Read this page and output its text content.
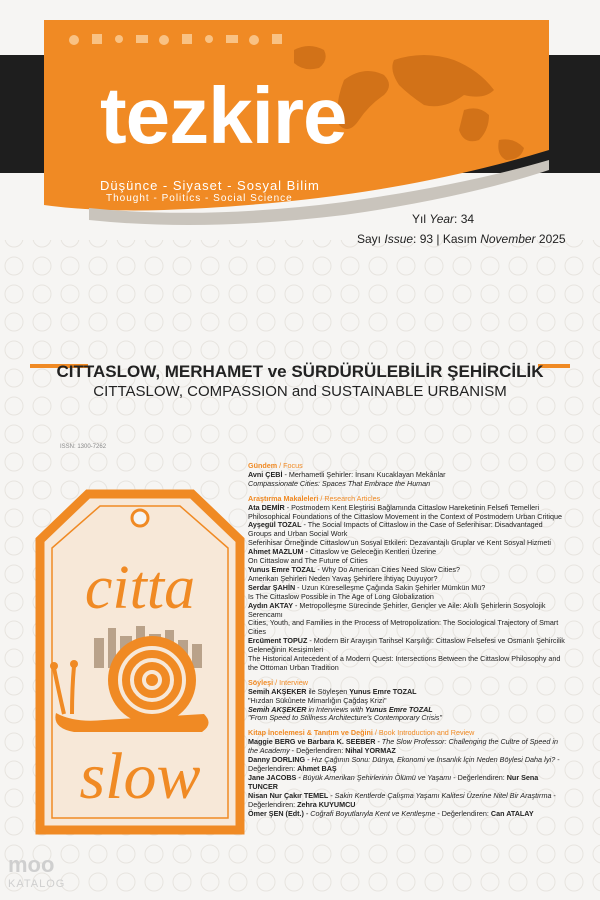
tezkire
Düşünce - Siyaset - Sosyal Bilim
Thought - Politics - Social Science
Yıl Year: 34
Sayı Issue: 93 | Kasım November 2025
CITTASLOW, MERHAMET ve SÜRDÜRÜLEBİLİR ŞEHİRCİLİK
CITTASLOW, COMPASSION and SUSTAINABLE URBANISM
ISSN: 1300-7262
citta
slow
Gündem / Focus
Avni ÇEBİ - Merhametli Şehirler: İnsanı Kucaklayan Mekânlar
Compassionate Cities: Spaces That Embrace the Human
Araştırma Makaleleri / Research Articles
Ata DEMİR - Postmodern Kent Eleştirisi Bağlamında Cittaslow Hareketinin Felsefi Temelleri
Philosophical Foundations of the Cittaslow Movement in the Context of Postmodern Urban Critique
Ayşegül TOZAL - The Social Impacts of Cittaslow in the Case of Seferihisar: Disadvantaged Groups and Urban Social Work
Seferihisar Örneğinde Cittaslow'un Sosyal Etkileri: Dezavantajlı Gruplar ve Kent Sosyal Hizmeti
Ahmet MAZLUM - Cittaslow ve Geleceğin Kentleri Üzerine
On Cittaslow and The Future of Cities
Yunus Emre TOZAL - Why Do American Cities Need Slow Cities?
Amerikan Şehirleri Neden Yavaş Şehirlere İhtiyaç Duyuyor?
Serdar ŞAHİN - Uzun Küreselleşme Çağında Sakin Şehirler Mümkün Mü?
Is The Cittaslow Possible in The Age of Long Globalization
Aydın AKTAY - Metropolleşme Sürecinde Şehirler, Gençler ve Aile: Akıllı Şehirlerin Sosyolojik Serencamı
Cities, Youth, and Families in the Process of Metropolization: The Sociological Trajectory of Smart Cities
Ercüment TOPUZ - Modern Bir Arayışın Tarihsel Karşılığı: Cittaslow Felsefesi ve Osmanlı Şehircilik Geleneğinin Kesişimleri
The Historical Antecedent of a Modern Quest: Intersections Between the Cittaslow Philosophy and the Ottoman Urban Tradition
Söyleşi / Interview
Semih AKŞEKER ile Söyleşen Yunus Emre TOZAL
"Hızdan Sükûnete Mimarlığın Çağdaş Krizi"
Semih AKŞEKER in Interviews with Yunus Emre TOZAL
"From Speed to Stillness Architecture's Contemporary Crisis"
Kitap İncelemesi & Tanıtım ve Değini / Book Introduction and Review
Maggie BERG ve Barbara K. SEEBER - The Slow Professor: Challenging the Cultre of Speed in the Academy - Değerlendiren: Nihal YORMAZ
Danny DORLING - Hız Çağının Sonu: Dünya, Ekonomi ve İnsanlık İçin Neden Böylesi Daha İyi? - Değerlendiren: Ahmet BAŞ
Jane JACOBS - Büyük Amerikan Şehirlerinin Ölümü ve Yaşamı - Değerlendiren: Nur Sena TUNCER
Nisan Nur Çakır TEMEL - Sakin Kentlerde Çalışma Yaşamı Kalitesi Üzerine Nitel Bir Araştırma - Değerlendiren: Zehra KUYUMCU
Ömer ŞEN (Edt.) - Coğrafi Boyutlarıyla Kent ve Kentleşme - Değerlendiren: Can ATALAY
moo
KATALOG
